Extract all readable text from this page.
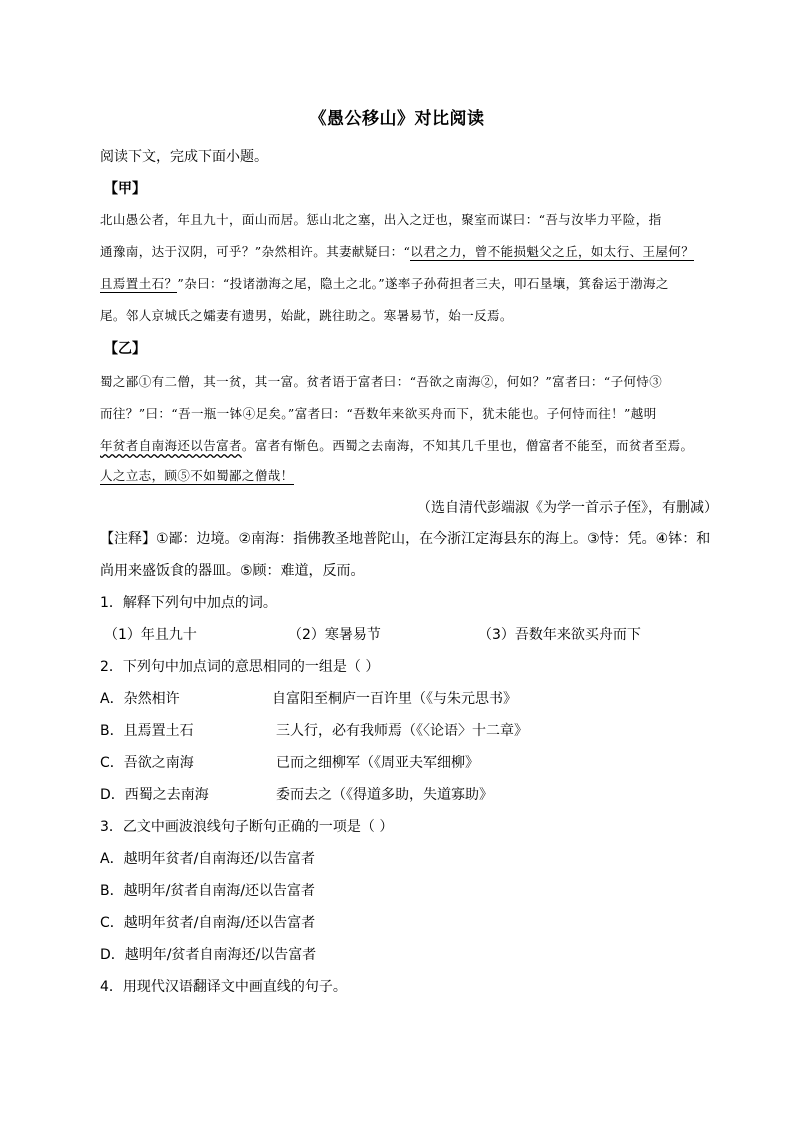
《愚公移山》对比阅读
阅读下文，完成下面小题。
【甲】
北山愚公者，年且九十，面山而居。惩山北之塞，出入之迂也，聚室而谋曰：“吾与汝毕力平险，指
通豫南，达于汉阴，可乎？”杂然相许。其妻献疑曰：“以君之力，曾不能损魁父之丘，如太行、王屋何？
且焉置土石？”杂曰：“投诸渤海之尾，隐土之北。”遂率子孙荷担者三夫，叩石垦壤，箕畚运于渤海之
尾。邻人京城氏之孀妻有遗男，始龀，跳往助之。寒暑易节，始一反焉。
【乙】
蜀之鄙①有二僧，其一贫，其一富。贫者语于富者曰：“吾欲之南海②，何如？”富者曰：“子何恃③
而往？”曰：“吾一瓶一钵④足矣。”富者曰：“吾数年来欲买舟而下，犹未能也。子何恃而往！”越明
年贫者自南海还以告富者。富者有惭色。西蜀之去南海，不知其几千里也，僧富者不能至，而贫者至焉。
人之立志，顾⑤不如蜀鄙之僧哉！
（选自清代彭端淑《为学一首示子侄》，有删减）
【注释】①鄙：边境。②南海：指佛教圣地普陀山，在今浙江定海县东的海上。③恃：凭。④钵：和
尚用来盛饭食的器皿。⑤顾：难道，反而。
1．解释下列句中加点的词。
（1）年且九十	（2）寒暑易节	（3）吾数年来欲买舟而下
2．下列句中加点词的意思相同的一组是（ ）
A．杂然相许	自富阳至桐庐一百许里（《与朱元思书》
B．且焉置土石	三人行，必有我师焉（《〈论语〉十二章》
C．吾欲之南海	已而之细柳军（《周亚夫军细柳》
D．西蜀之去南海	委而去之（《得道多助，失道寡助》
3．乙文中画波浪线句子断句正确的一项是（ ）
A．越明年贫者/自南海还/以告富者
B．越明年/贫者自南海/还以告富者
C．越明年贫者/自南海/还以告富者
D．越明年/贫者自南海还/以告富者
4．用现代汉语翻译文中画直线的句子。
